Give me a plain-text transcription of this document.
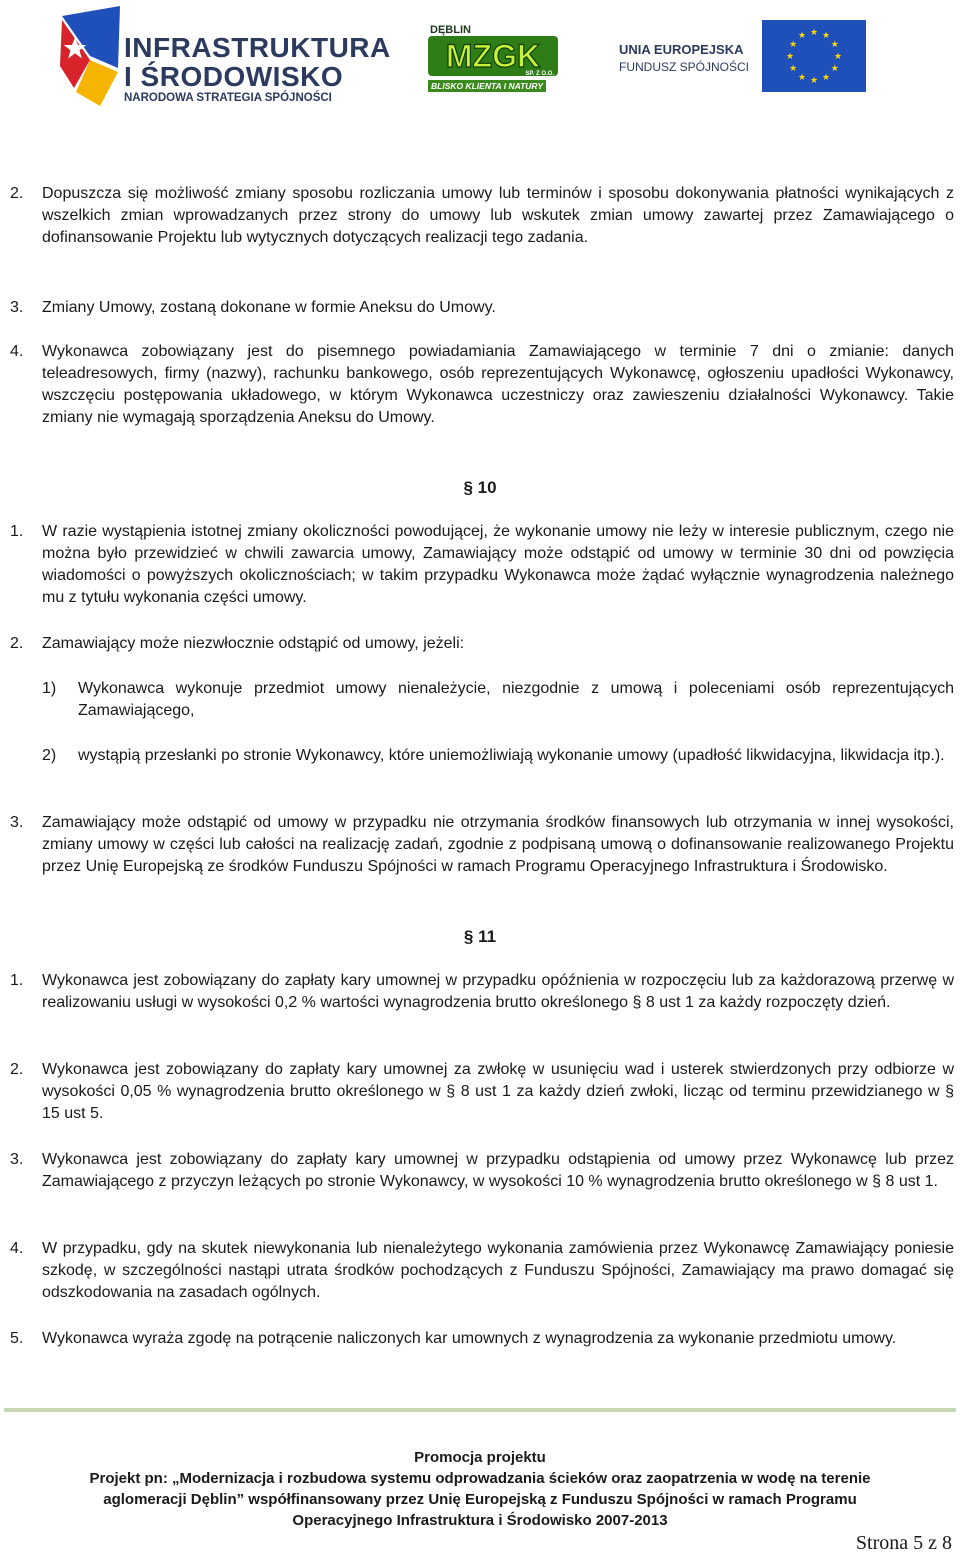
INFRASTRUKTURA
I ŚRODOWISKO
NARODOWA STRATEGIA SPÓJNOŚCI
DĘBLIN
MZGK
SP. Z O.O.
BLISKO KLIENTA I NATURY
UNIA EUROPEJSKA
FUNDUSZ SPÓJNOŚCI
★
★
★
★
★
★
★
★
★ ★ ★
★
2. Dopuszcza się możliwość zmiany sposobu rozliczania umowy lub terminów i sposobu dokonywania płatności wynikających z wszelkich zmian wprowadzanych przez strony do umowy lub wskutek zmian umowy zawartej przez Zamawiającego o dofinansowanie Projektu lub wytycznych dotyczących realizacji tego zadania.
3. Zmiany Umowy, zostaną dokonane w formie Aneksu do Umowy.
4. Wykonawca zobowiązany jest do pisemnego powiadamiania Zamawiającego w terminie 7 dni o zmianie: danych teleadresowych, firmy (nazwy), rachunku bankowego, osób reprezentujących Wykonawcę, ogłoszeniu upadłości Wykonawcy, wszczęciu postępowania układowego, w którym Wykonawca uczestniczy oraz zawieszeniu działalności Wykonawcy. Takie zmiany nie wymagają sporządzenia Aneksu do Umowy.
§ 10
1. W razie wystąpienia istotnej zmiany okoliczności powodującej, że wykonanie umowy nie leży w interesie publicznym, czego nie można było przewidzieć w chwili zawarcia umowy, Zamawiający może odstąpić od umowy w terminie 30 dni od powzięcia wiadomości o powyższych okolicznościach; w takim przypadku Wykonawca może żądać wyłącznie wynagrodzenia należnego mu z tytułu wykonania części umowy.
2. Zamawiający może niezwłocznie odstąpić od umowy, jeżeli:
1) Wykonawca wykonuje przedmiot umowy nienależycie, niezgodnie z umową i poleceniami osób reprezentujących Zamawiającego,
2) wystąpią przesłanki po stronie Wykonawcy, które uniemożliwiają wykonanie umowy (upadłość likwidacyjna, likwidacja itp.).
3. Zamawiający może odstąpić od umowy w przypadku nie otrzymania środków finansowych lub otrzymania w innej wysokości, zmiany umowy w części lub całości na realizację zadań, zgodnie z podpisaną umową o dofinansowanie realizowanego Projektu przez Unię Europejską ze środków Funduszu Spójności w ramach Programu Operacyjnego Infrastruktura i Środowisko.
§ 11
1. Wykonawca jest zobowiązany do zapłaty kary umownej w przypadku opóźnienia w rozpoczęciu lub za każdorazową przerwę w realizowaniu usługi w wysokości 0,2 % wartości wynagrodzenia brutto określonego § 8 ust 1 za każdy rozpoczęty dzień.
2. Wykonawca jest zobowiązany do zapłaty kary umownej za zwłokę w usunięciu wad i usterek stwierdzonych przy odbiorze w wysokości 0,05 % wynagrodzenia brutto określonego w § 8 ust 1 za każdy dzień zwłoki, licząc od terminu przewidzianego w § 15 ust 5.
3. Wykonawca jest zobowiązany do zapłaty kary umownej w przypadku odstąpienia od umowy przez Wykonawcę lub przez Zamawiającego z przyczyn leżących po stronie Wykonawcy, w wysokości 10 % wynagrodzenia brutto określonego w § 8 ust 1.
4. W przypadku, gdy na skutek niewykonania lub nienależytego wykonania zamówienia przez Wykonawcę Zamawiający poniesie szkodę, w szczególności nastąpi utrata środków pochodzących z Funduszu Spójności, Zamawiający ma prawo domagać się odszkodowania na zasadach ogólnych.
5. Wykonawca wyraża zgodę na potrącenie naliczonych kar umownych z wynagrodzenia za wykonanie przedmiotu umowy.
Promocja projektu
Projekt pn: „Modernizacja i rozbudowa systemu odprowadzania ścieków oraz zaopatrzenia w wodę na terenie
aglomeracji Dęblin” współfinansowany przez Unię Europejską z Funduszu Spójności w ramach Programu
Operacyjnego Infrastruktura i Środowisko 2007-2013
Strona 5 z 8
